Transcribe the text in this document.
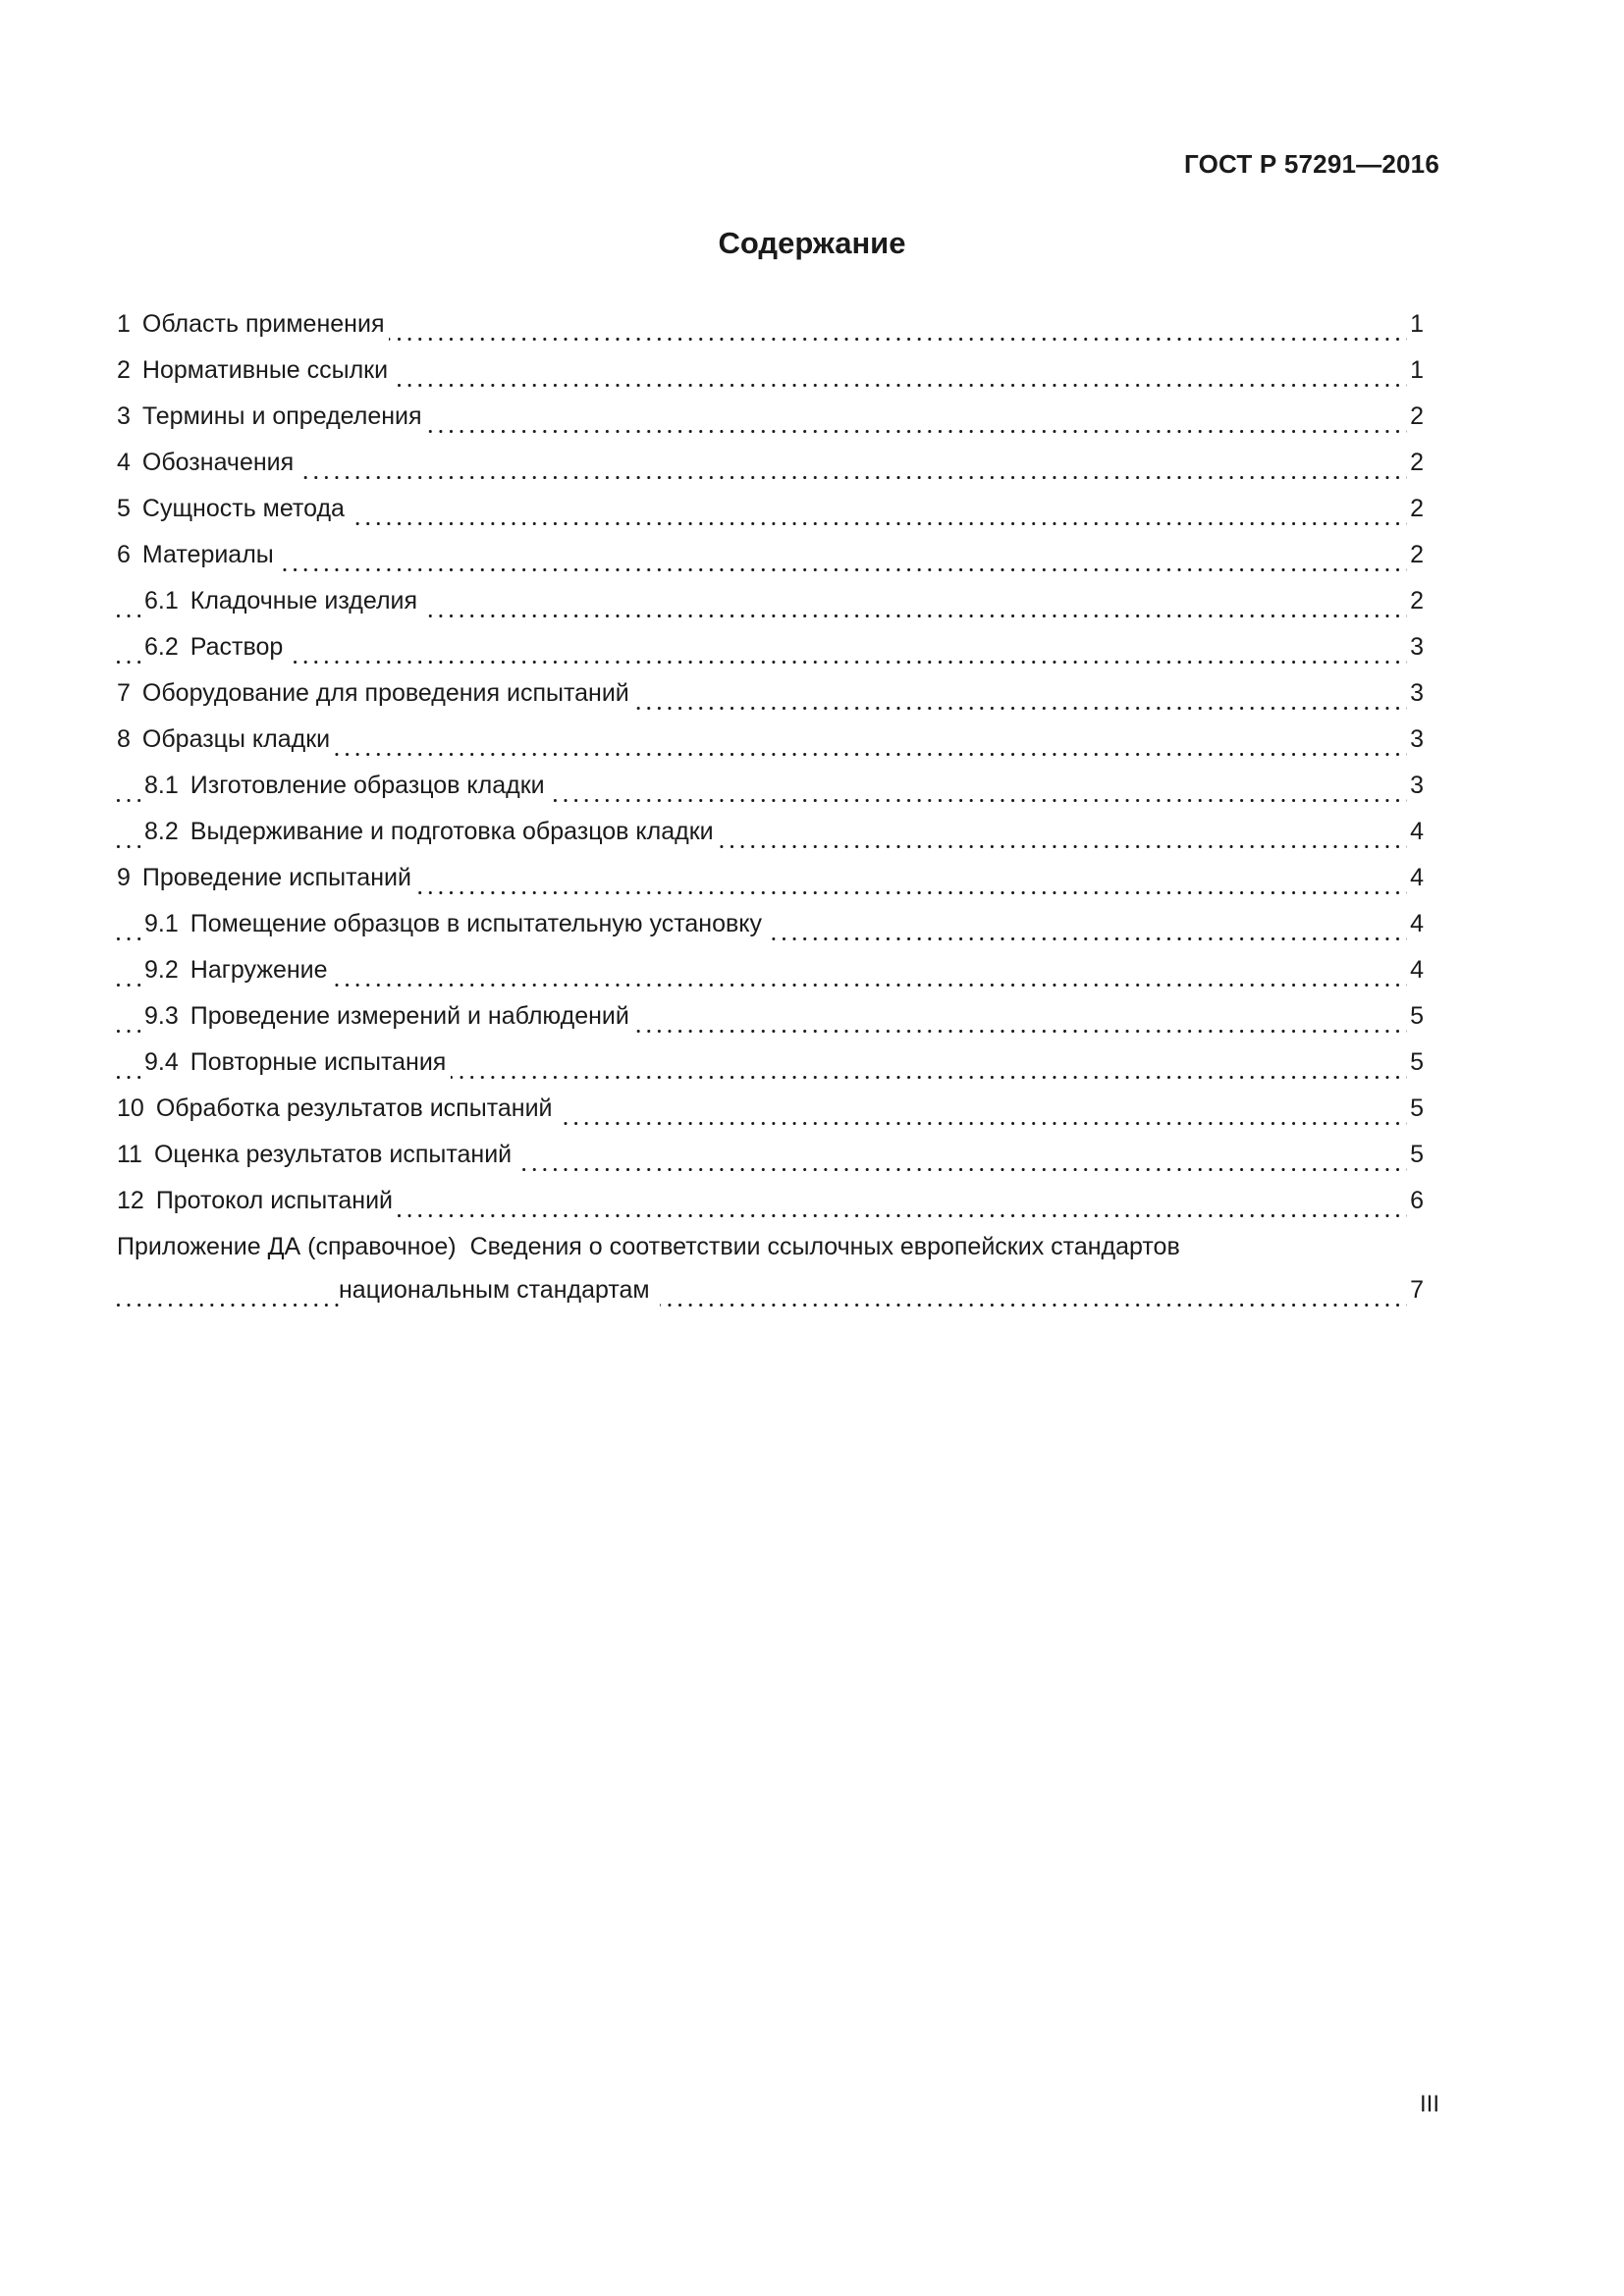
ГОСТ Р 57291—2016
Содержание
1 Область применения	1
2 Нормативные ссылки	1
3 Термины и определения	2
4 Обозначения	2
5 Сущность метода	2
6 Материалы	2
6.1 Кладочные изделия	2
6.2 Раствор	3
7 Оборудование для проведения испытаний	3
8 Образцы кладки	3
8.1 Изготовление образцов кладки	3
8.2 Выдерживание и подготовка образцов кладки	4
9 Проведение испытаний	4
9.1 Помещение образцов в испытательную установку	4
9.2 Нагружение	4
9.3 Проведение измерений и наблюдений	5
9.4 Повторные испытания	5
10 Обработка результатов испытаний	5
11 Оценка результатов испытаний	5
12 Протокол испытаний	6
Приложение ДА (справочное) Сведения о соответствии ссылочных европейских стандартов
национальным стандартам	7
III
